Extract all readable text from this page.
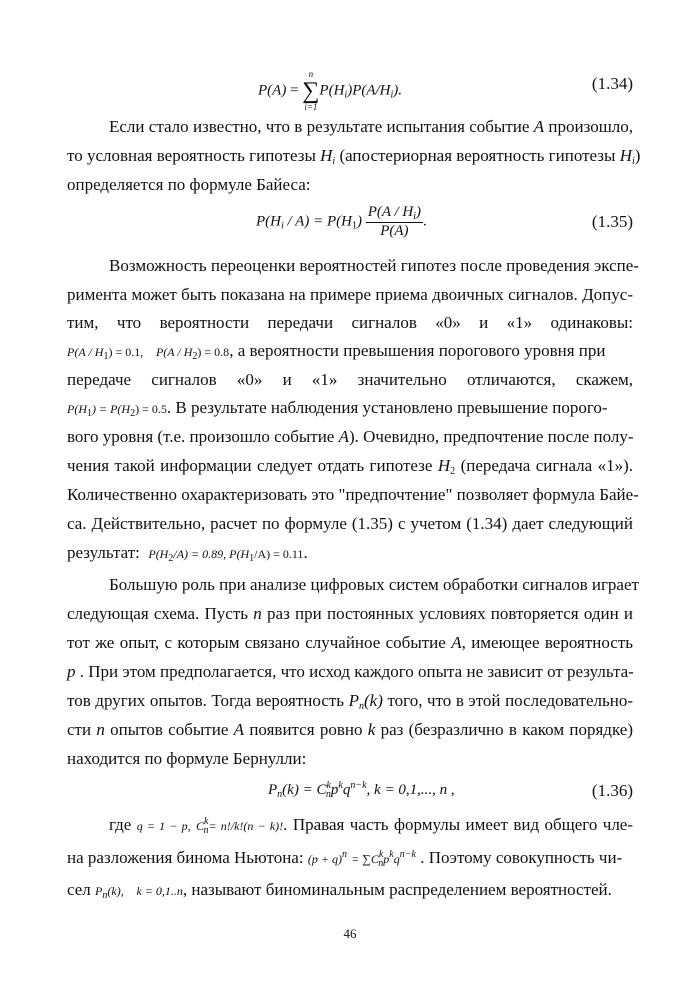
P(A) =
n
∑
i=1
$P(H_i)P(A/H_i)$.	(1.34)
Если стало известно, что в результате испытания событие A произошло,
то условная вероятность гипотезы $H_i$ (апостериорная вероятность гипотезы $H_i$)
определяется по формуле Байеса:
$P(H_i / A) = P(H_1) \frac{P(A / H_i)}{P(A)}$ .	(1.35)
Возможность переоценки вероятностей гипотез после проведения экспе-
римента может быть показана на примере приема двоичных сигналов. Допус-
тим, что вероятности передачи сигналов «0» и «1» одинаковы:
$P(A / H_1) = 0.1$, $P(A / H_2) = 0.8$, а вероятности превышения порогового уровня при
передаче сигналов «0» и «1» значительно отличаются, скажем,
$P(H_1) = P(H_2) = 0.5$. В результате наблюдения установлено превышение порого-
вого уровня (т.е. произошло событие A). Очевидно, предпочтение после полу-
чения такой информации следует отдать гипотезе $H_2$ (передача сигнала «1»).
Количественно охарактеризовать это "предпочтение" позволяет формула Байе-
са. Действительно, расчет по формуле (1.35) с учетом (1.34) дает следующий
результат: $P(H_2/A) = 0.89$, $P(H_1/A) = 0.11$.
Большую роль при анализе цифровых систем обработки сигналов играет
следующая схема. Пусть n раз при постоянных условиях повторяется один и
тот же опыт, с которым связано случайное событие A, имеющее вероятность
p . При этом предполагается, что исход каждого опыта не зависит от результа-
тов других опытов. Тогда вероятность $P_n(k)$ того, что в этой последовательно-
сти n опытов событие A появится ровно k раз (безразлично в каком порядке)
находится по формуле Бернулли:
$P_n(k) = C^k_np^kq^{n-k}$, k = 0,1,..., n ,	(1.36)
где q = 1 − p, $C^k_n= n!/k!(n - k)$!. Правая часть формулы имеет вид общего чле-
на разложения бинома Ньютона: $(p + q)^n = \sum C^k_np^kq^{n-k}$ . Поэтому совокупность чи-
сел $P_n(k)$, k = 0,1..n, называют биноминальным распределением вероятностей.
46
